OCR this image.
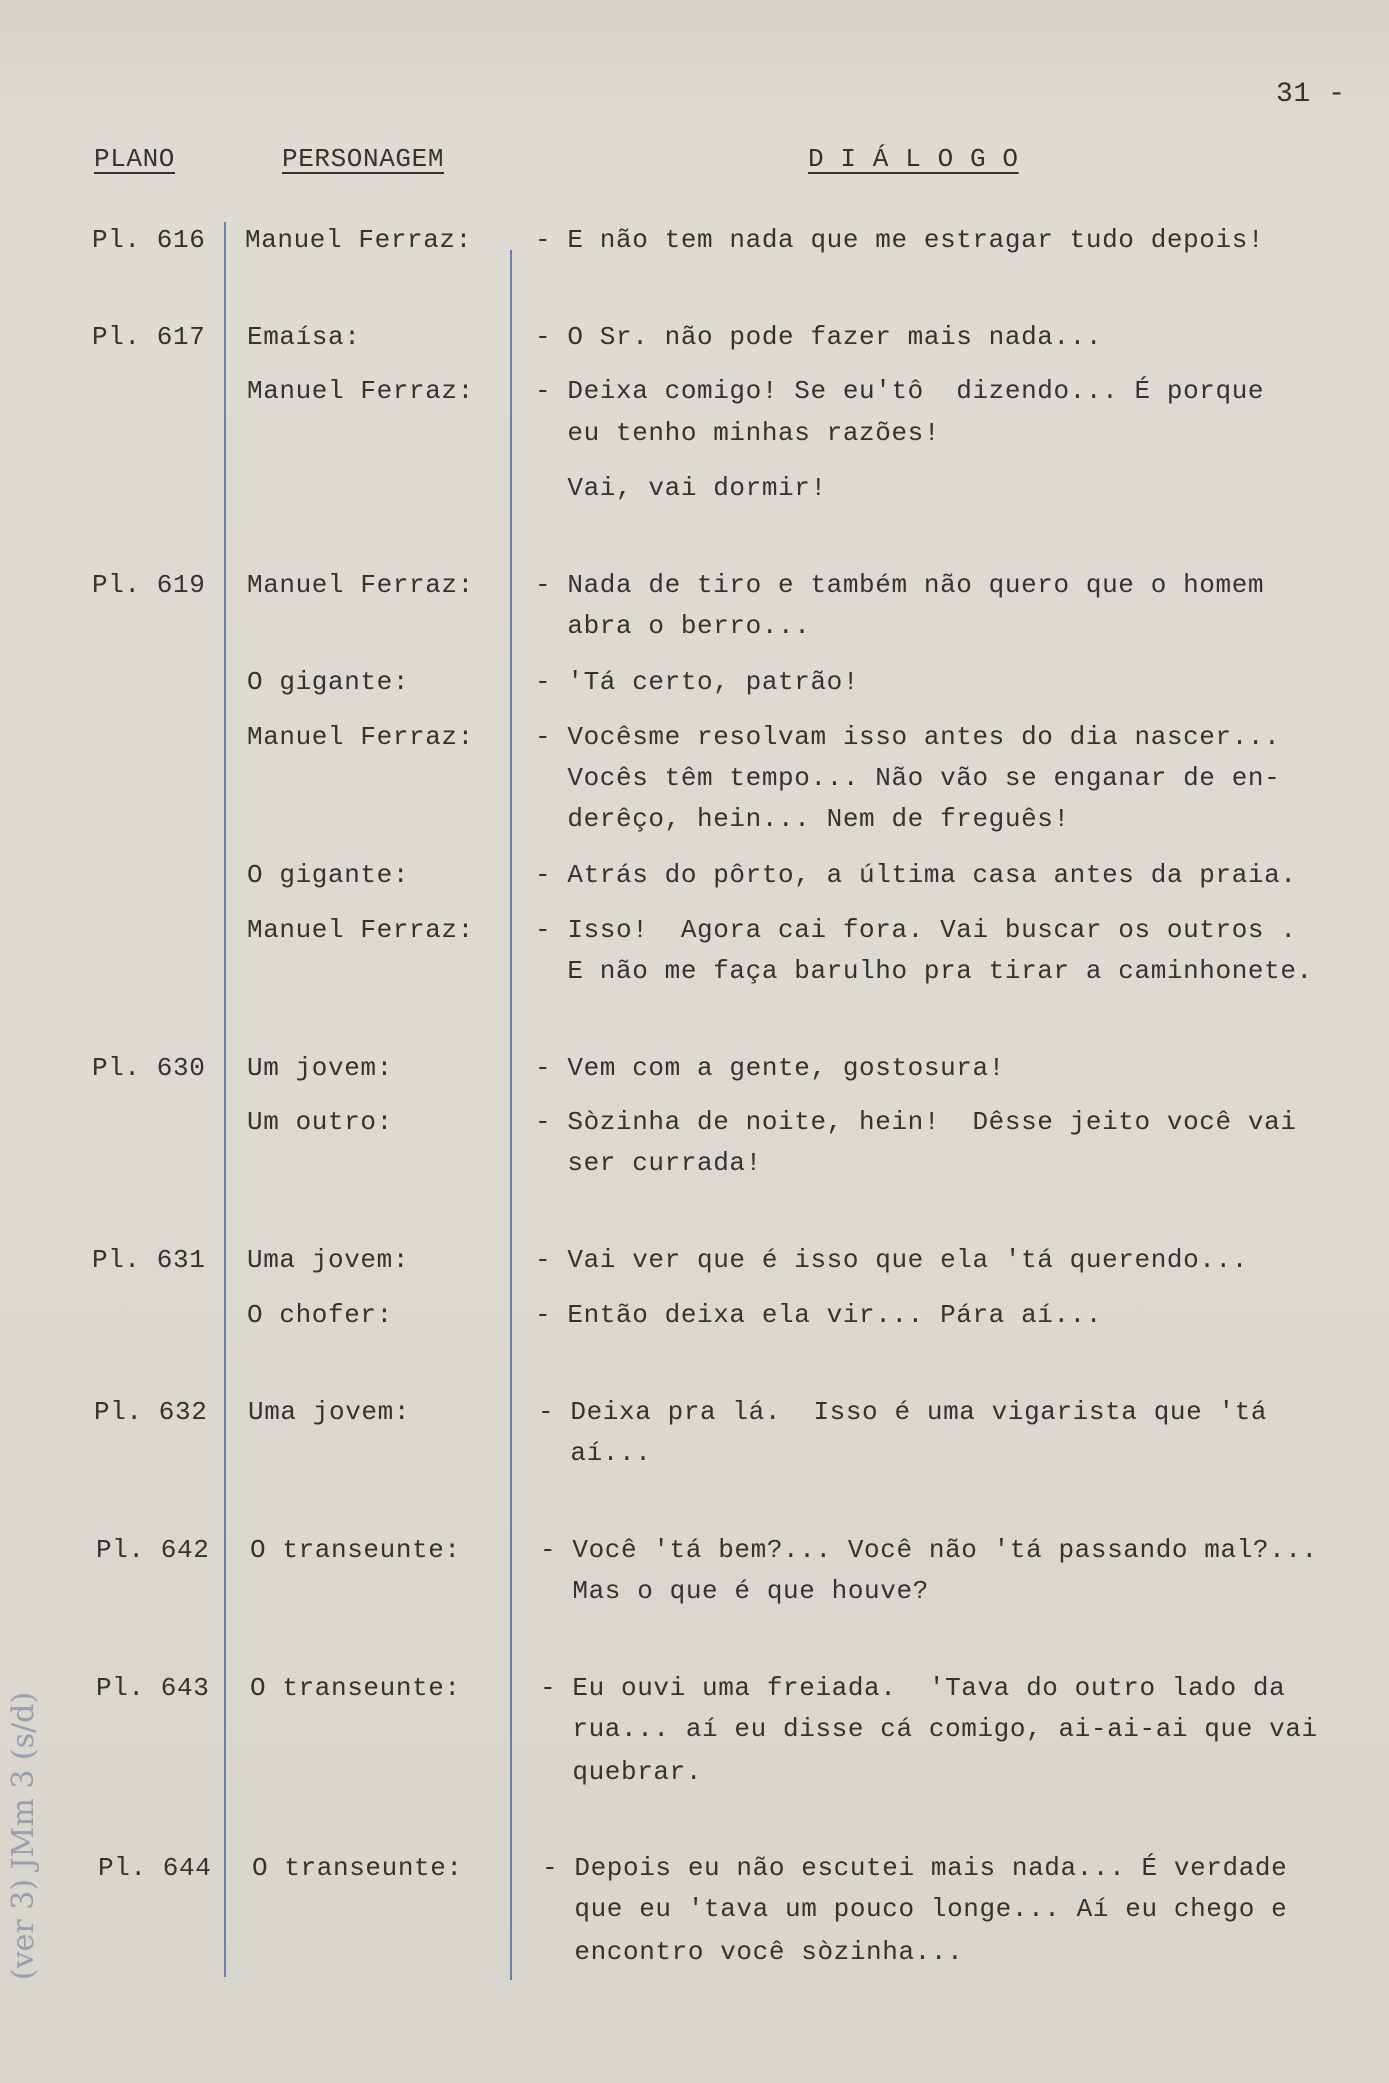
31 -
PLANO	PERSONAGEM	D I Á L O G O
Pl. 616 Manuel Ferraz: - E não tem nada que me estragar tudo depois!
Pl. 617 Emaísa:	- O Sr. não pode fazer mais nada...
Manuel Ferraz: - Deixa comigo! Se eu'tô  dizendo... É porque
eu tenho minhas razões!
Vai, vai dormir!
Pl. 619 Manuel Ferraz: - Nada de tiro e também não quero que o homem
abra o berro...
O gigante:	- 'Tá certo, patrão!
Manuel Ferraz: - Vocêsme resolvam isso antes do dia nascer...
Vocês têm tempo... Não vão se enganar de en-
derêço, hein... Nem de freguês!
O gigante:	- Atrás do pôrto, a última casa antes da praia.
Manuel Ferraz: - Isso!  Agora cai fora. Vai buscar os outros .
E não me faça barulho pra tirar a caminhonete.
Pl. 630 Um jovem:	- Vem com a gente, gostosura!
Um outro:	- Sòzinha de noite, hein!  Dêsse jeito você vai
ser currada!
Pl. 631 Uma jovem:	- Vai ver que é isso que ela 'tá querendo...
O chofer:	- Então deixa ela vir... Pára aí...
Pl. 632 Uma jovem:	- Deixa pra lá.  Isso é uma vigarista que 'tá
aí...
Pl. 642 O transeunte:	- Você 'tá bem?... Você não 'tá passando mal?...
Mas o que é que houve?
Pl. 643 O transeunte:	- Eu ouvi uma freiada.  'Tava do outro lado da
rua... aí eu disse cá comigo, ai-ai-ai que vai
quebrar.
Pl. 644 O transeunte:	- Depois eu não escutei mais nada... É verdade
que eu 'tava um pouco longe... Aí eu chego e
encontro você sòzinha...
(ver 3) JMm 3 (s/d)
